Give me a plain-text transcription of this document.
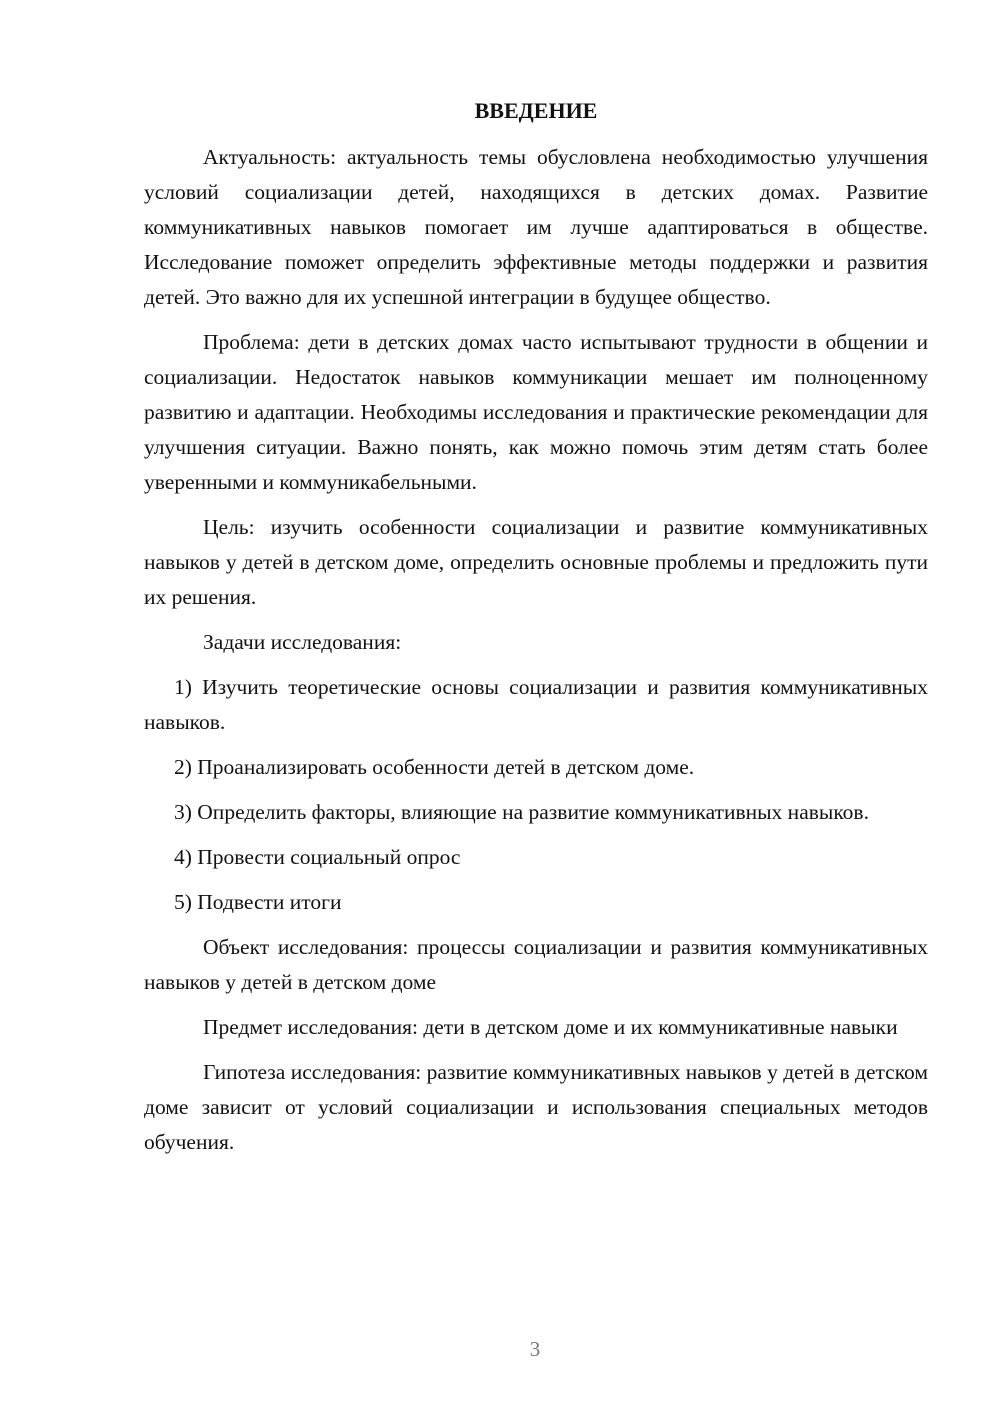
ВВЕДЕНИЕ

Актуальность: актуальность темы обусловлена необходимостью улучшения условий социализации детей, находящихся в детских домах. Развитие коммуникативных навыков помогает им лучше адаптироваться в обществе. Исследование поможет определить эффективные методы поддержки и развития детей. Это важно для их успешной интеграции в будущее общество.

Проблема: дети в детских домах часто испытывают трудности в общении и социализации. Недостаток навыков коммуникации мешает им полноценному развитию и адаптации. Необходимы исследования и практические рекомендации для улучшения ситуации. Важно понять, как можно помочь этим детям стать более уверенными и коммуникабельными.

Цель: изучить особенности социализации и развитие коммуникативных навыков у детей в детском доме, определить основные проблемы и предложить пути их решения.

Задачи исследования:

1) Изучить теоретические основы социализации и развития коммуникативных навыков.

2) Проанализировать особенности детей в детском доме.

3) Определить факторы, влияющие на развитие коммуникативных навыков.

4) Провести социальный опрос

5) Подвести итоги

Объект исследования: процессы социализации и развития коммуникативных навыков у детей в детском доме

Предмет исследования: дети в детском доме и их коммуникативные навыки

Гипотеза исследования: развитие коммуникативных навыков у детей в детском доме зависит от условий социализации и использования специальных методов обучения.

3
